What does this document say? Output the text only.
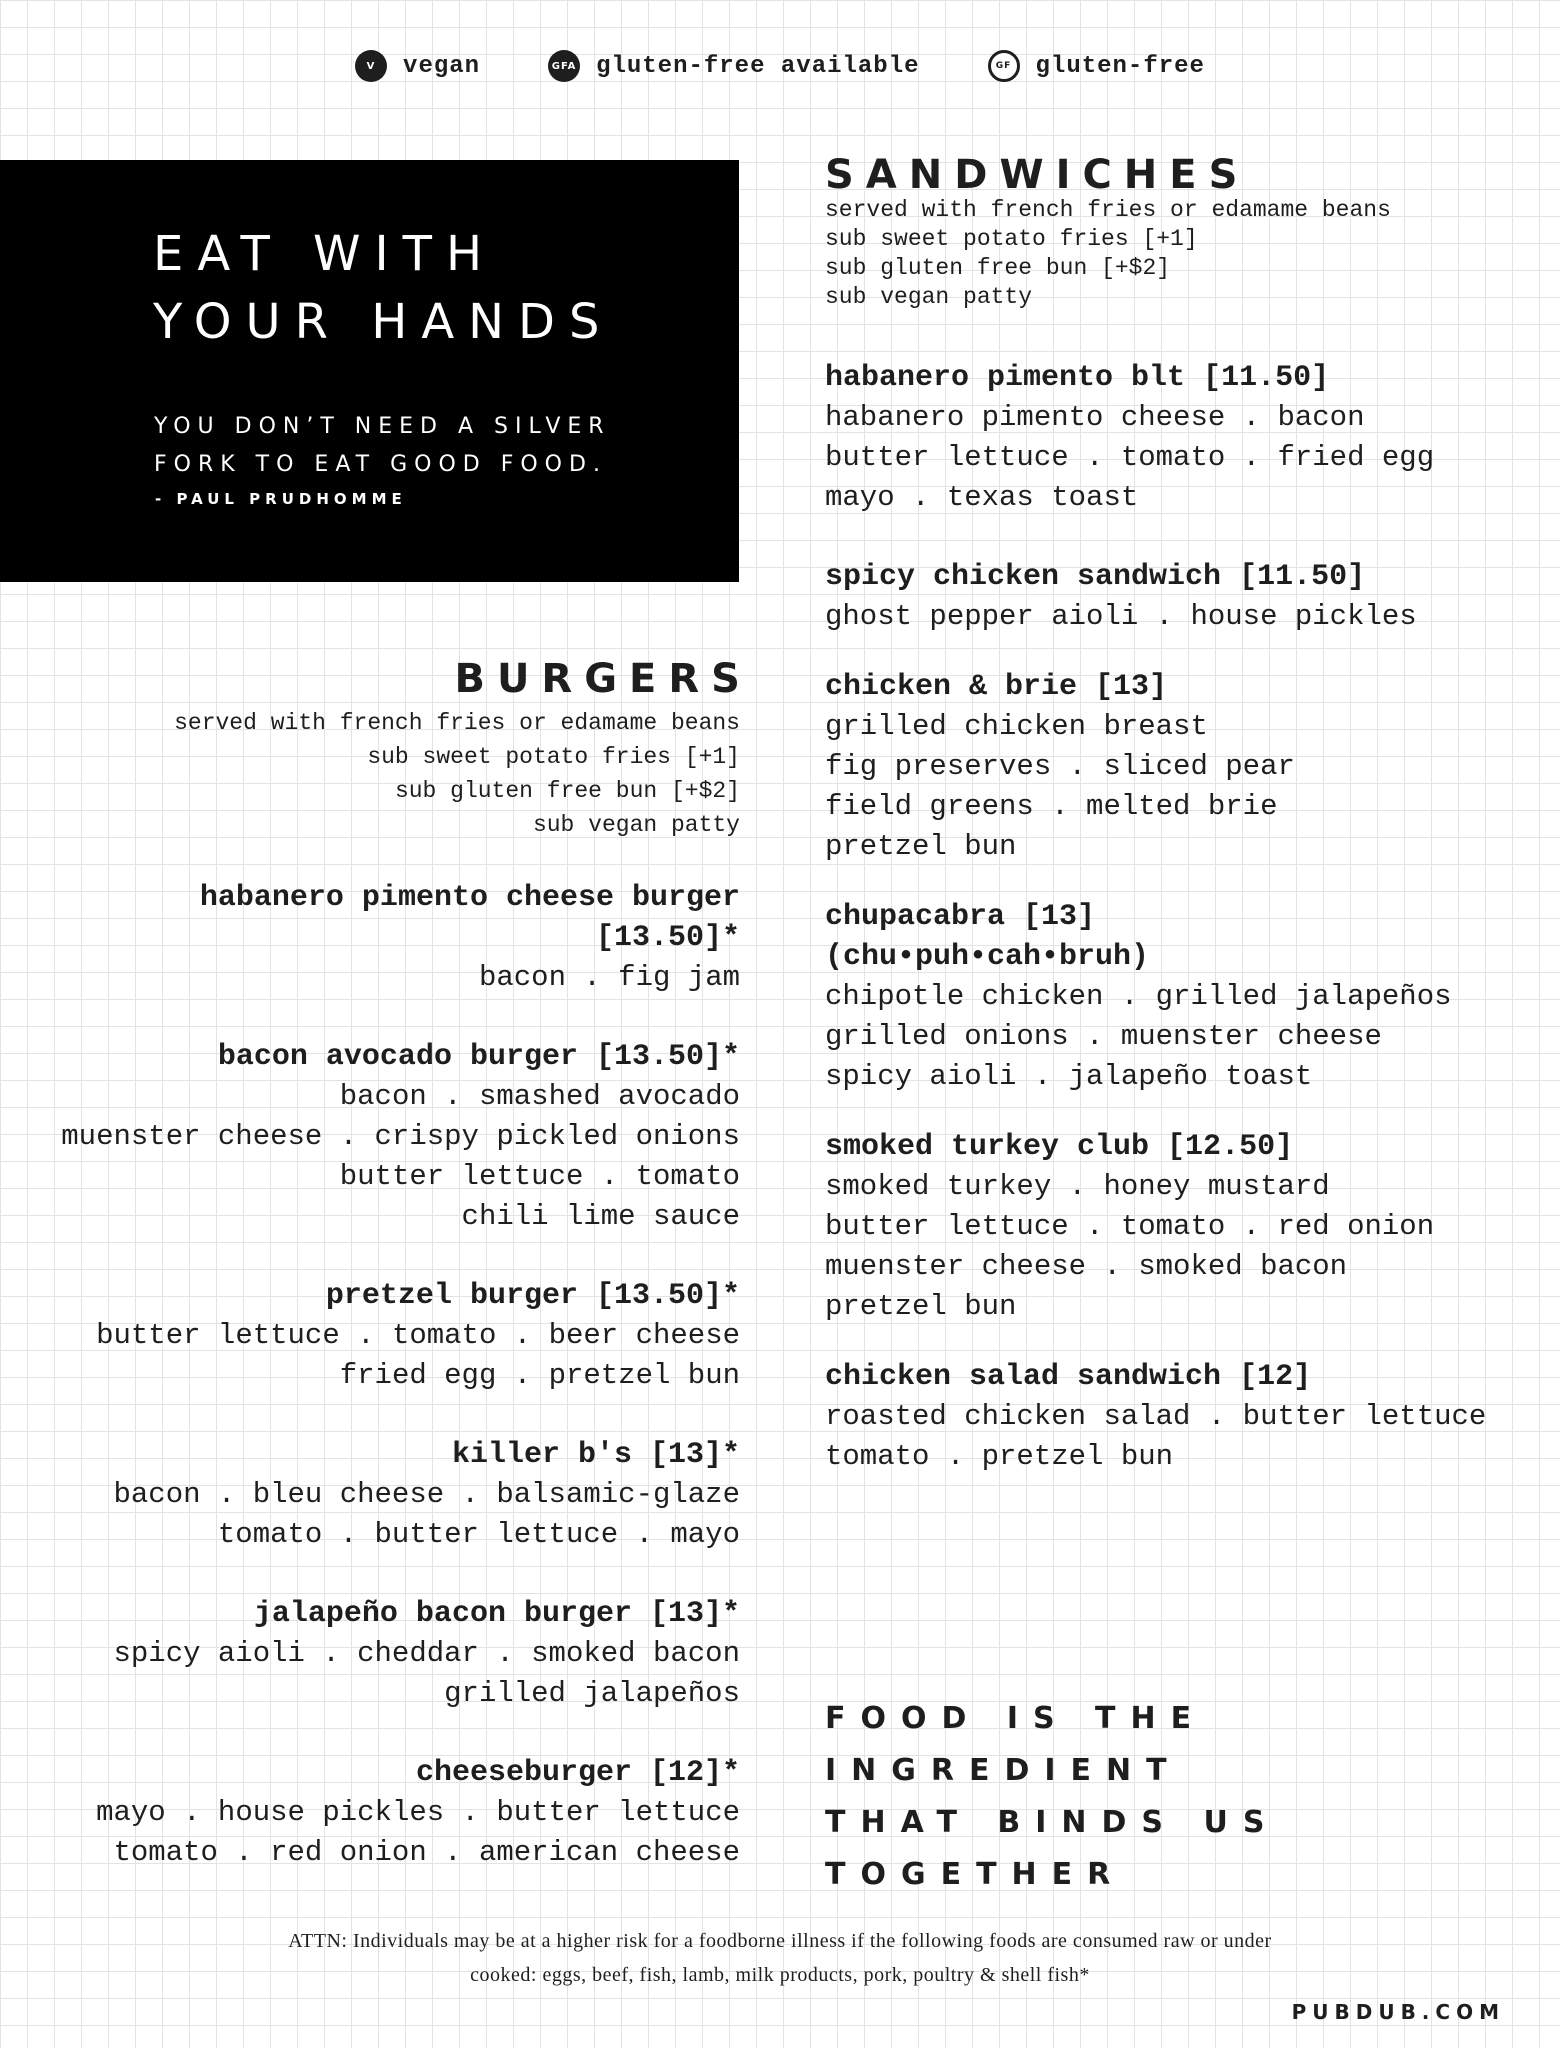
V	vegan	GFA gluten-free available	GF	gluten-free
EAT WITH
YOUR HANDS
YOU DON’T NEED A SILVER
FORK TO EAT GOOD FOOD.
- PAUL PRUDHOMME
BURGERS
served with french fries or edamame beans
sub sweet potato fries [+1]
sub gluten free bun [+$2]
sub vegan patty
habanero pimento cheese burger [13.50]*
bacon . fig jam
bacon avocado burger [13.50]*
bacon . smashed avocado
muenster cheese . crispy pickled onions
butter lettuce . tomato
chili lime sauce
pretzel burger [13.50]*
butter lettuce . tomato . beer cheese
fried egg . pretzel bun
killer b's [13]*
bacon . bleu cheese . balsamic-glaze
tomato . butter lettuce . mayo
jalapeño bacon burger [13]*
spicy aioli . cheddar . smoked bacon
grilled jalapeños
cheeseburger [12]*
mayo . house pickles . butter lettuce
tomato . red onion . american cheese
SANDWICHES
served with french fries or edamame beans
sub sweet potato fries [+1]
sub gluten free bun [+$2]
sub vegan patty
habanero pimento blt [11.50]
habanero pimento cheese . bacon
butter lettuce . tomato . fried egg
mayo . texas toast
spicy chicken sandwich [11.50]
ghost pepper aioli . house pickles
chicken & brie [13]
grilled chicken breast
fig preserves . sliced pear
field greens . melted brie
pretzel bun
chupacabra [13]
(chu•puh•cah•bruh)
chipotle chicken . grilled jalapeños
grilled onions . muenster cheese
spicy aioli . jalapeño toast
smoked turkey club [12.50]
smoked turkey . honey mustard
butter lettuce . tomato . red onion
muenster cheese . smoked bacon
pretzel bun
chicken salad sandwich [12]
roasted chicken salad . butter lettuce
tomato . pretzel bun
FOOD IS THE INGREDIENT
THAT BINDS US TOGETHER
ATTN: Individuals may be at a higher risk for a foodborne illness if the following foods are consumed raw or under
cooked: eggs, beef, fish, lamb, milk products, pork, poultry & shell fish*
PUBDUB.COM
